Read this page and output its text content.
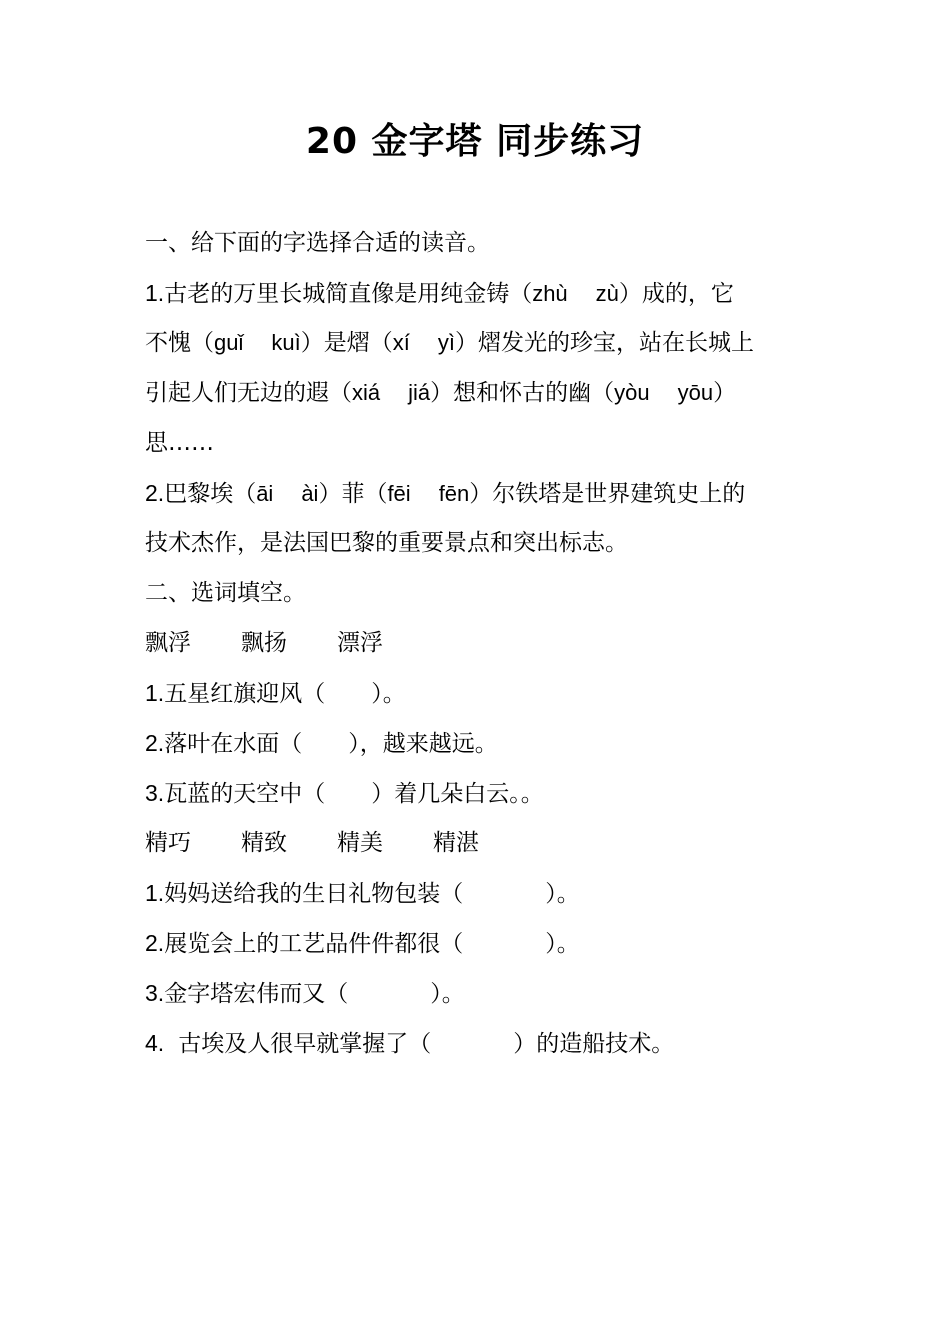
20 金字塔 同步练习
一、给下面的字选择合适的读音。
1.古老的万里长城简直像是用纯金铸（zhù zù）成的，它
不愧（guǐ kuì）是熠（xí yì）熠发光的珍宝，站在长城上
引起人们无边的遐（xiá jiá）想和怀古的幽（yòu yōu）
思……
2.巴黎埃（āi ài）菲（fēi fēn）尔铁塔是世界建筑史上的
技术杰作，是法国巴黎的重要景点和突出标志。
二、选词填空。
飘浮 飘扬 漂浮
1.五星红旗迎风（ ）。
2.落叶在水面（ ），越来越远。
3.瓦蓝的天空中（ ）着几朵白云。。
精巧 精致 精美 精湛
1.妈妈送给我的生日礼物包装（	）。
2.展览会上的工艺品件件都很（	）。
3.金字塔宏伟而又（	）。
4. 古埃及人很早就掌握了（	）的造船技术。
